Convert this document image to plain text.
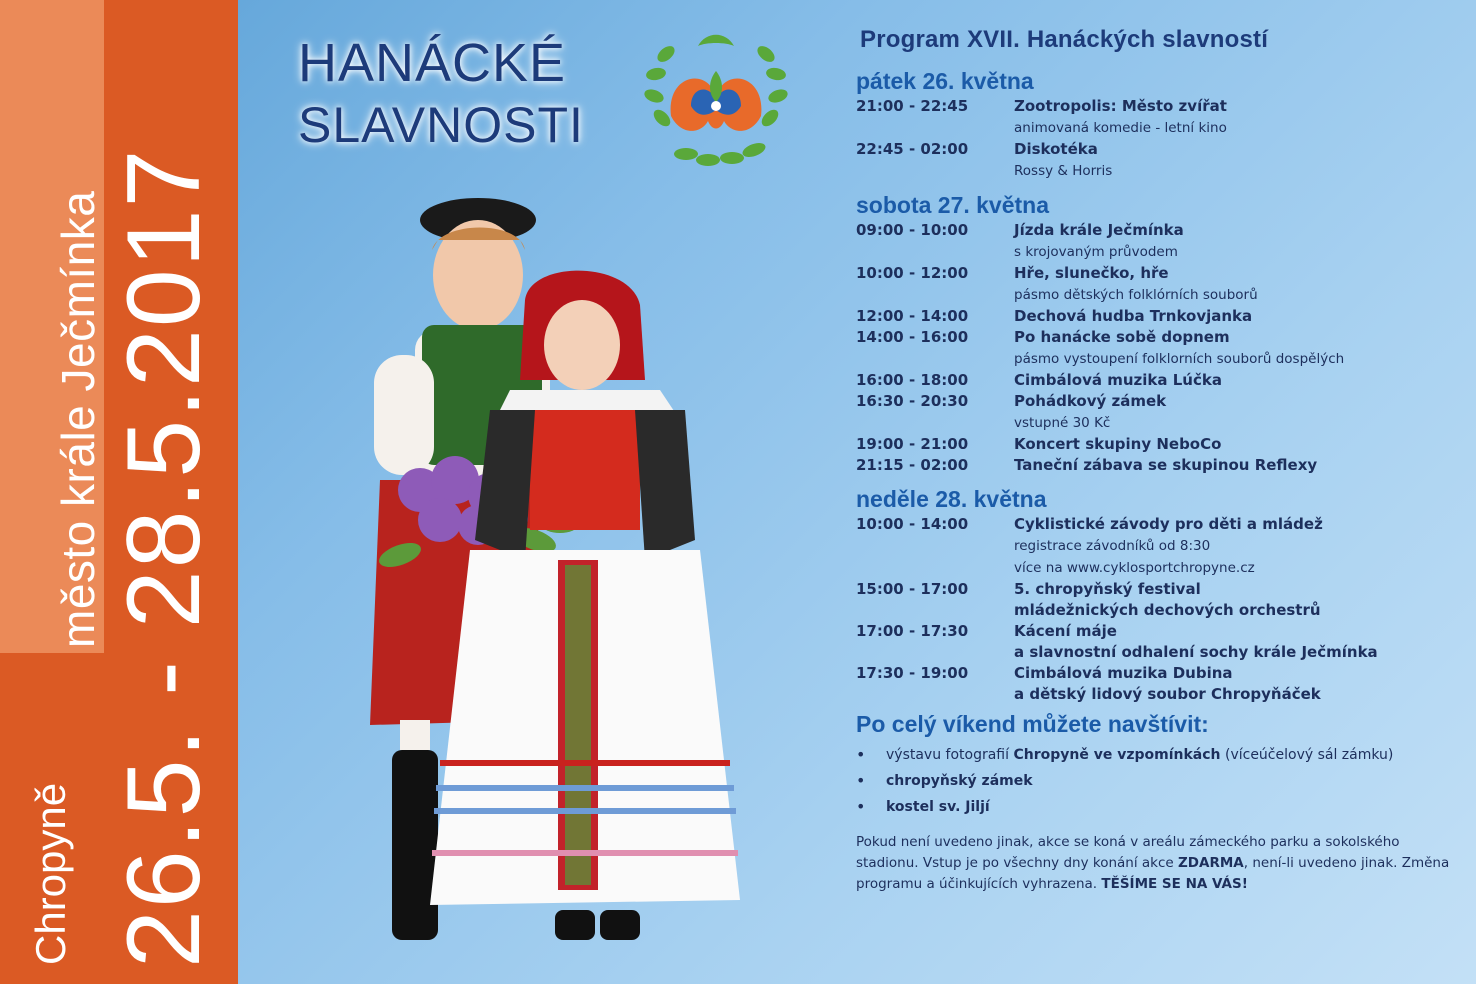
Chropyně
město krále Ječmínka 26.5. - 28.5.2017
HANÁCKÉ
SLAVNOSTI
Program XVII. Hanáckých slavností
pátek 26. května
21:00 - 22:45	Zootropolis: Město zvířat
animovaná komedie - letní kino
22:45 - 02:00	Diskotéka
Rossy & Horris
sobota 27. května
09:00 - 10:00	Jízda krále Ječmínka
s krojovaným průvodem
10:00 - 12:00	Hře, slunečko, hře
pásmo dětských folklórních souborů
12:00 - 14:00	Dechová hudba Trnkovjanka
14:00 - 16:00	Po hanácke sobě dopnem
pásmo vystoupení folklorních souborů dospělých
16:00 - 18:00	Cimbálová muzika Lúčka
16:30 - 20:30	Pohádkový zámek
vstupné 30 Kč
19:00 - 21:00	Koncert skupiny NeboCo
21:15 - 02:00	Taneční zábava se skupinou Reflexy
neděle 28. května
10:00 - 14:00	Cyklistické závody pro děti a mládež
registrace závodníků od 8:30
více na www.cyklosportchropyne.cz
15:00 - 17:00	5. chropyňský festival
mládežnických dechových orchestrů
17:00 - 17:30	Kácení máje
a slavnostní odhalení sochy krále Ječmínka
17:30 - 19:00	Cimbálová muzika Dubina
a dětský lidový soubor Chropyňáček
Po celý víkend můžete navštívit:
•	výstavu fotografií Chropyně ve vzpomínkách (víceúčelový sál zámku)
•	chropyňský zámek
•	kostel sv. Jiljí
Pokud není uvedeno jinak, akce se koná v areálu zámeckého parku a sokolského stadionu. Vstup je po všechny dny konání akce ZDARMA, není-li uvedeno jinak. Změna programu a účinkujících vyhrazena. TĚŠÍME SE NA VÁS!
